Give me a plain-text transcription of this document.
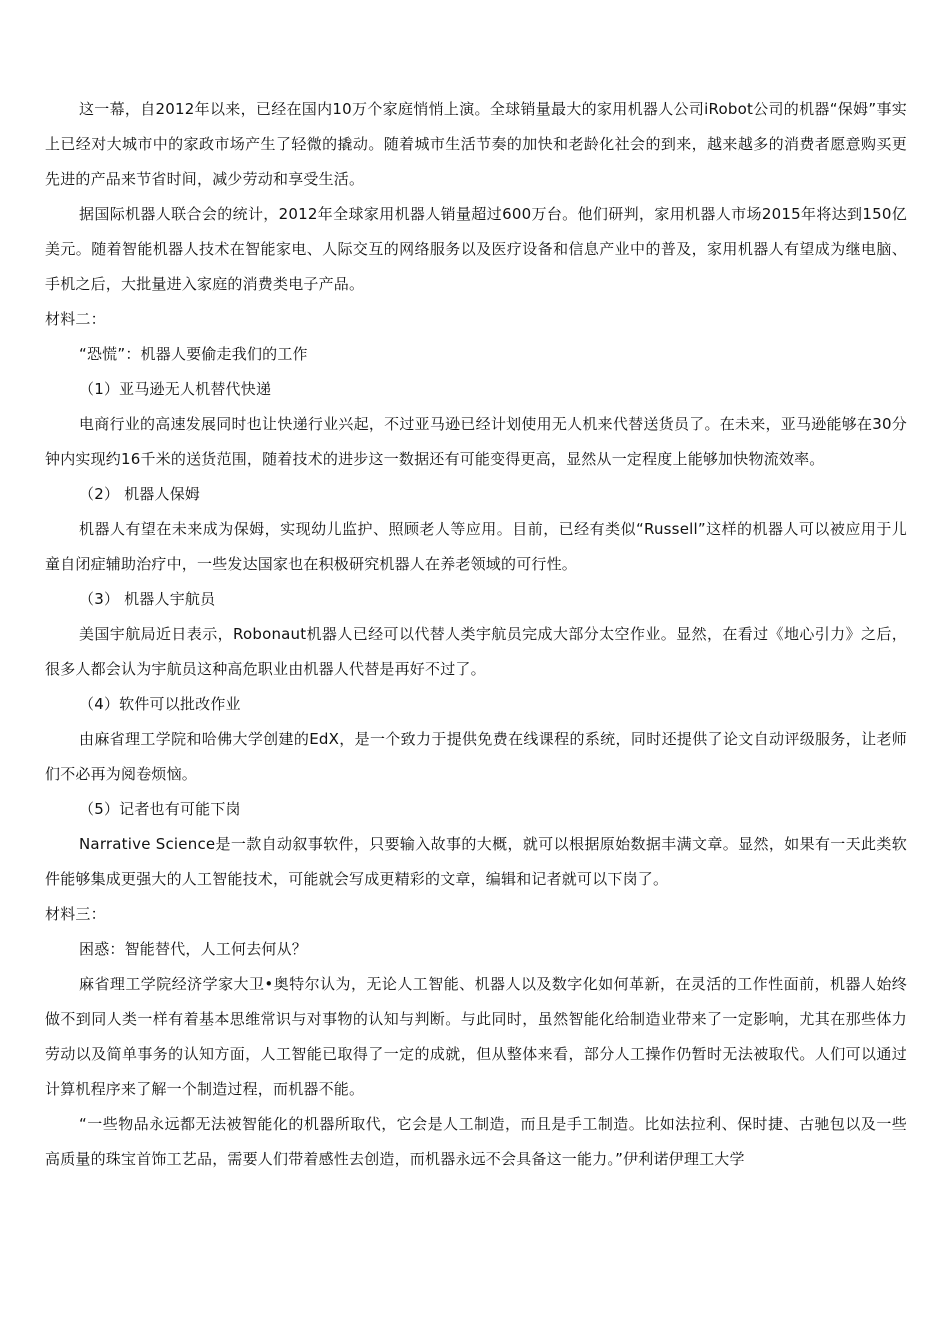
这一幕，自2012年以来，已经在国内10万个家庭悄悄上演。全球销量最大的家用机器人公司iRobot公司的机器“保姆”事实上已经对大城市中的家政市场产生了轻微的撬动。随着城市生活节奏的加快和老龄化社会的到来，越来越多的消费者愿意购买更先进的产品来节省时间，减少劳动和享受生活。

据国际机器人联合会的统计，2012年全球家用机器人销量超过600万台。他们研判，家用机器人市场2015年将达到150亿美元。随着智能机器人技术在智能家电、人际交互的网络服务以及医疗设备和信息产业中的普及，家用机器人有望成为继电脑、手机之后，大批量进入家庭的消费类电子产品。

材料二：

“恐慌”：机器人要偷走我们的工作

（1）亚马逊无人机替代快递

电商行业的高速发展同时也让快递行业兴起，不过亚马逊已经计划使用无人机来代替送货员了。在未来，亚马逊能够在30分钟内实现约16千米的送货范围，随着技术的进步这一数据还有可能变得更高，显然从一定程度上能够加快物流效率。

（2） 机器人保姆

机器人有望在未来成为保姆，实现幼儿监护、照顾老人等应用。目前，已经有类似“Russell”这样的机器人可以被应用于儿童自闭症辅助治疗中，一些发达国家也在积极研究机器人在养老领域的可行性。

（3） 机器人宇航员

美国宇航局近日表示，Robonaut机器人已经可以代替人类宇航员完成大部分太空作业。显然，在看过《地心引力》之后，很多人都会认为宇航员这种高危职业由机器人代替是再好不过了。

（4）软件可以批改作业

由麻省理工学院和哈佛大学创建的EdX，是一个致力于提供免费在线课程的系统，同时还提供了论文自动评级服务，让老师们不必再为阅卷烦恼。

（5）记者也有可能下岗

Narrative Science是一款自动叙事软件，只要输入故事的大概，就可以根据原始数据丰满文章。显然，如果有一天此类软件能够集成更强大的人工智能技术，可能就会写成更精彩的文章，编辑和记者就可以下岗了。

材料三：

困惑：智能替代，人工何去何从？

麻省理工学院经济学家大卫•奥特尔认为，无论人工智能、机器人以及数字化如何革新，在灵活的工作性面前，机器人始终做不到同人类一样有着基本思维常识与对事物的认知与判断。与此同时，虽然智能化给制造业带来了一定影响，尤其在那些体力劳动以及简单事务的认知方面，人工智能已取得了一定的成就，但从整体来看，部分人工操作仍暂时无法被取代。人们可以通过计算机程序来了解一个制造过程，而机器不能。

“一些物品永远都无法被智能化的机器所取代，它会是人工制造，而且是手工制造。比如法拉利、保时捷、古驰包以及一些高质量的珠宝首饰工艺品，需要人们带着感性去创造，而机器永远不会具备这一能力。”伊利诺伊理工大学
